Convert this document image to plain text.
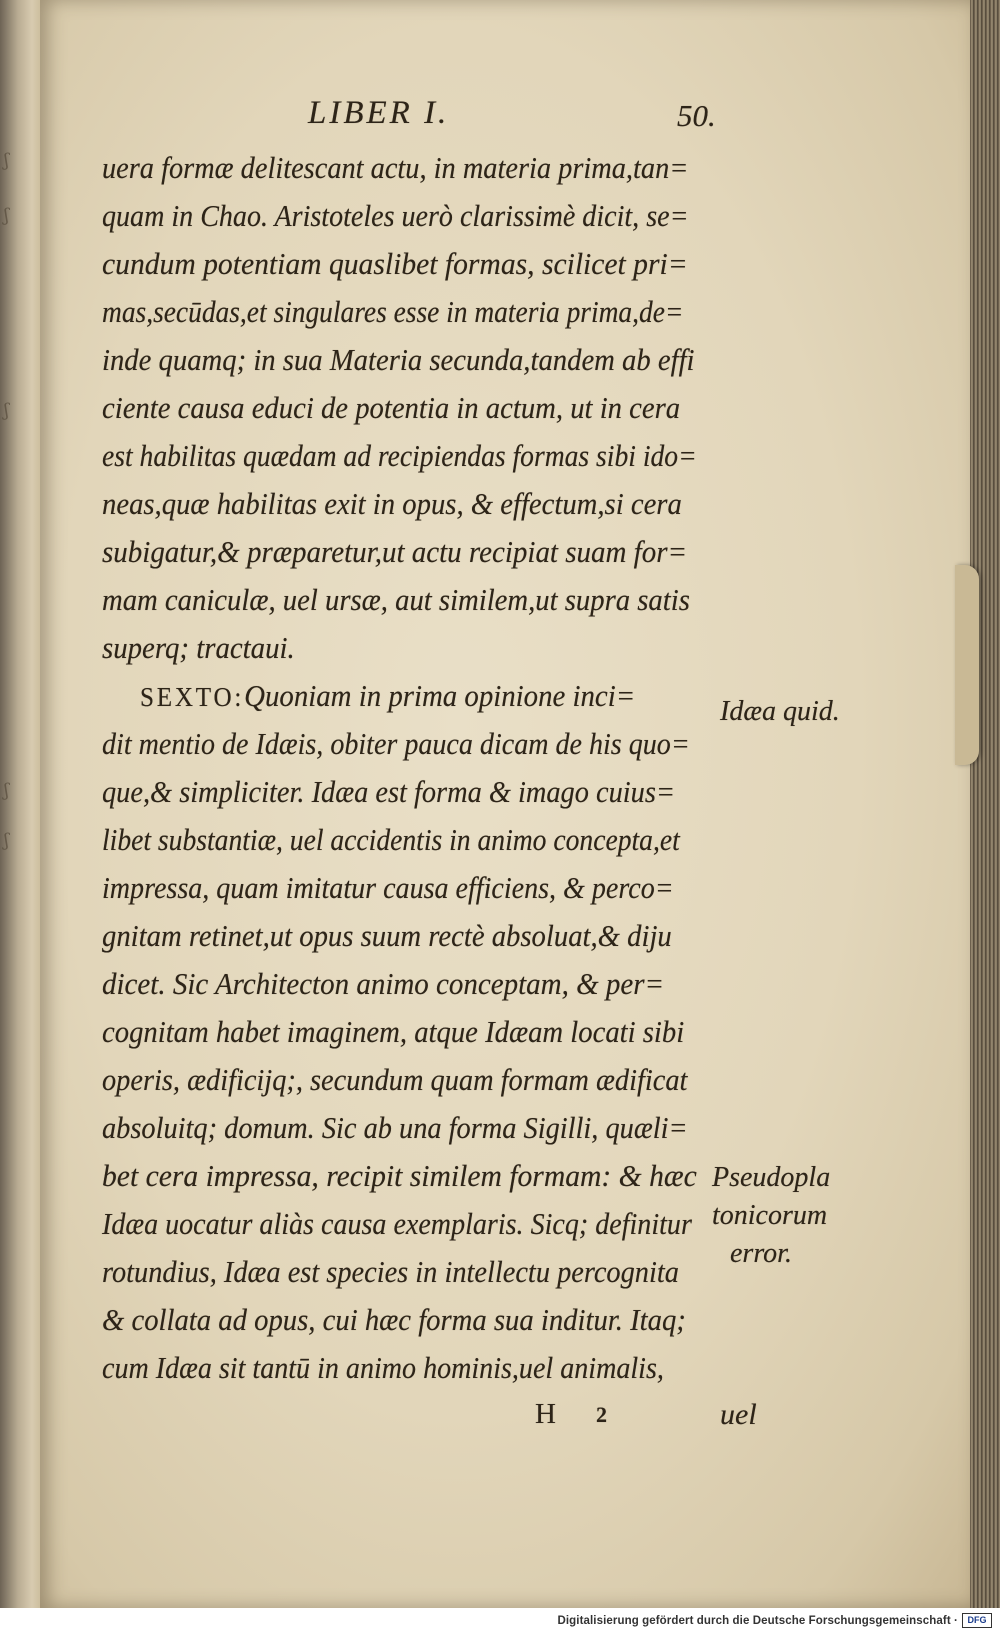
ʃ
ʃ
ʃ
ʃ
ʃ
LIBER I.	50.
uera formæ delitescant actu, in materia prima,tan=
quam in Chao. Aristoteles uerò clarissimè dicit, se=
cundum potentiam quaslibet formas, scilicet pri=
mas,secūdas,et singulares esse in materia prima,de=
inde quamq; in sua Materia secunda,tandem ab effi
ciente causa educi de potentia in actum, ut in cera
est habilitas quædam ad recipiendas formas sibi ido=
neas,quæ habilitas exit in opus, & effectum,si cera
subigatur,& præparetur,ut actu recipiat suam for=
mam caniculæ, uel ursæ, aut similem,ut supra satis
superq; tractaui.
SEXTO:Quoniam in prima opinione inci=
dit mentio de Idæis, obiter pauca dicam de his quo=
que,& simpliciter. Idæa est forma & imago cuius=
libet substantiæ, uel accidentis in animo concepta,et
impressa, quam imitatur causa efficiens, & perco=
gnitam retinet,ut opus suum rectè absoluat,& diju
dicet. Sic Architecton animo conceptam, & per=
cognitam habet imaginem, atque Idæam locati sibi
operis, ædificijq;, secundum quam formam ædificat
absoluitq; domum. Sic ab una forma Sigilli, quæli=
bet cera impressa, recipit similem formam: & hæc
Idæa uocatur aliàs causa exemplaris. Sicq; definitur
rotundius, Idæa est species in intellectu percognita
& collata ad opus, cui hæc forma sua inditur. Itaq;
cum Idæa sit tantū in animo hominis,uel animalis,
Idæa quid.
Pseudopla
tonicorum
error.
H 2	uel
Digitalisierung gefördert durch die Deutsche Forschungsgemeinschaft ·	DFG
